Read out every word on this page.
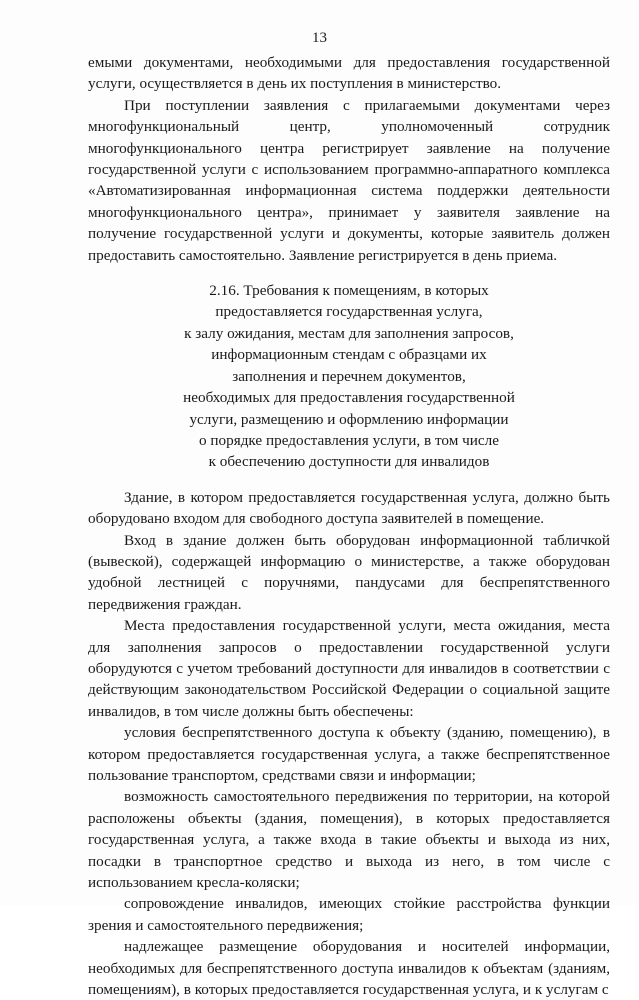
13

емыми документами, необходимыми для предоставления государственной услуги, осуществляется в день их поступления в министерство.

При поступлении заявления с прилагаемыми документами через многофункциональный центр, уполномоченный сотрудник многофункционального центра регистрирует заявление на получение государственной услуги с использованием программно-аппаратного комплекса «Автоматизированная информационная система поддержки деятельности многофункционального центра», принимает у заявителя заявление на получение государственной услуги и документы, которые заявитель должен предоставить самостоятельно. Заявление регистрируется в день приема.

2.16. Требования к помещениям, в которых
предоставляется государственная услуга,
к залу ожидания, местам для заполнения запросов,
информационным стендам с образцами их
заполнения и перечнем документов,
необходимых для предоставления государственной
услуги, размещению и оформлению информации
о порядке предоставления услуги, в том числе
к обеспечению доступности для инвалидов

Здание, в котором предоставляется государственная услуга, должно быть оборудовано входом для свободного доступа заявителей в помещение.

Вход в здание должен быть оборудован информационной табличкой (вывеской), содержащей информацию о министерстве, а также оборудован удобной лестницей с поручнями, пандусами для беспрепятственного передвижения граждан.

Места предоставления государственной услуги, места ожидания, места для заполнения запросов о предоставлении государственной услуги оборудуются с учетом требований доступности для инвалидов в соответствии с действующим законодательством Российской Федерации о социальной защите инвалидов, в том числе должны быть обеспечены:

условия беспрепятственного доступа к объекту (зданию, помещению), в котором предоставляется государственная услуга, а также беспрепятственное пользование транспортом, средствами связи и информации;

возможность самостоятельного передвижения по территории, на которой расположены объекты (здания, помещения), в которых предоставляется государственная услуга, а также входа в такие объекты и выхода из них, посадки в транспортное средство и выхода из него, в том числе с использованием кресла-коляски;

сопровождение инвалидов, имеющих стойкие расстройства функции зрения и самостоятельного передвижения;

надлежащее размещение оборудования и носителей информации, необходимых для беспрепятственного доступа инвалидов к объектам (зданиям, помещениям), в которых предоставляется государственная услуга, и к услугам с
